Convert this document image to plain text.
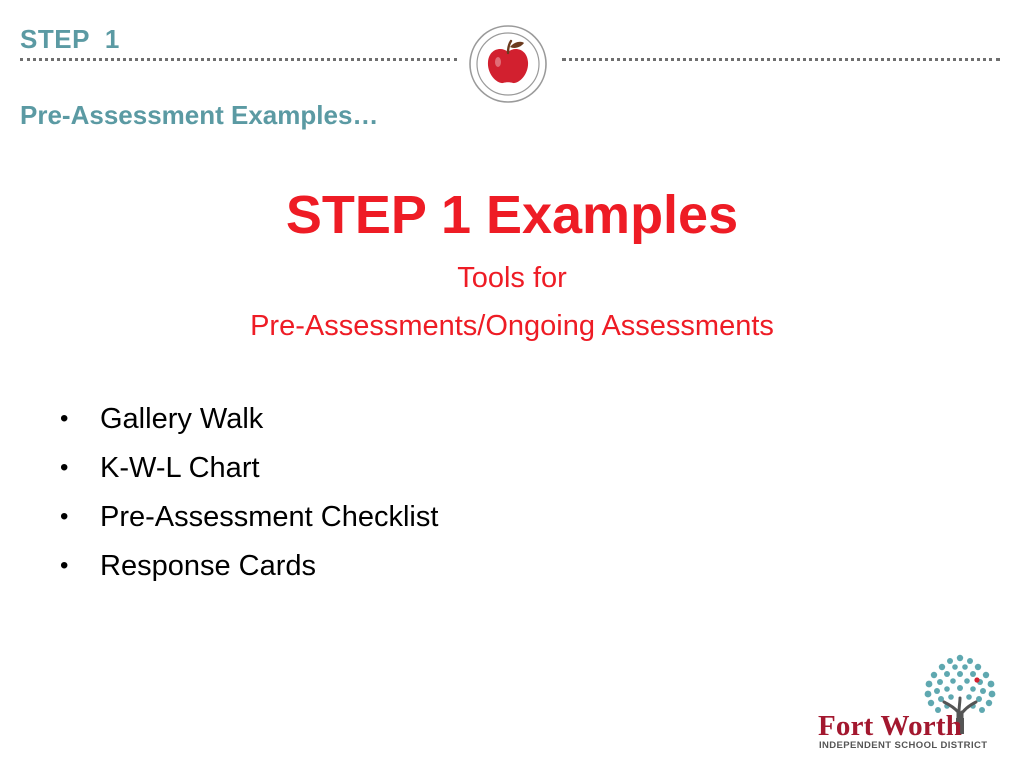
STEP  1
Pre-Assessment Examples…
STEP 1 Examples
Tools for
Pre-Assessments/Ongoing Assessments
•	Gallery Walk
•	K-W-L Chart
•	Pre-Assessment Checklist
•	Response Cards
Fort Worth
INDEPENDENT SCHOOL DISTRICT
